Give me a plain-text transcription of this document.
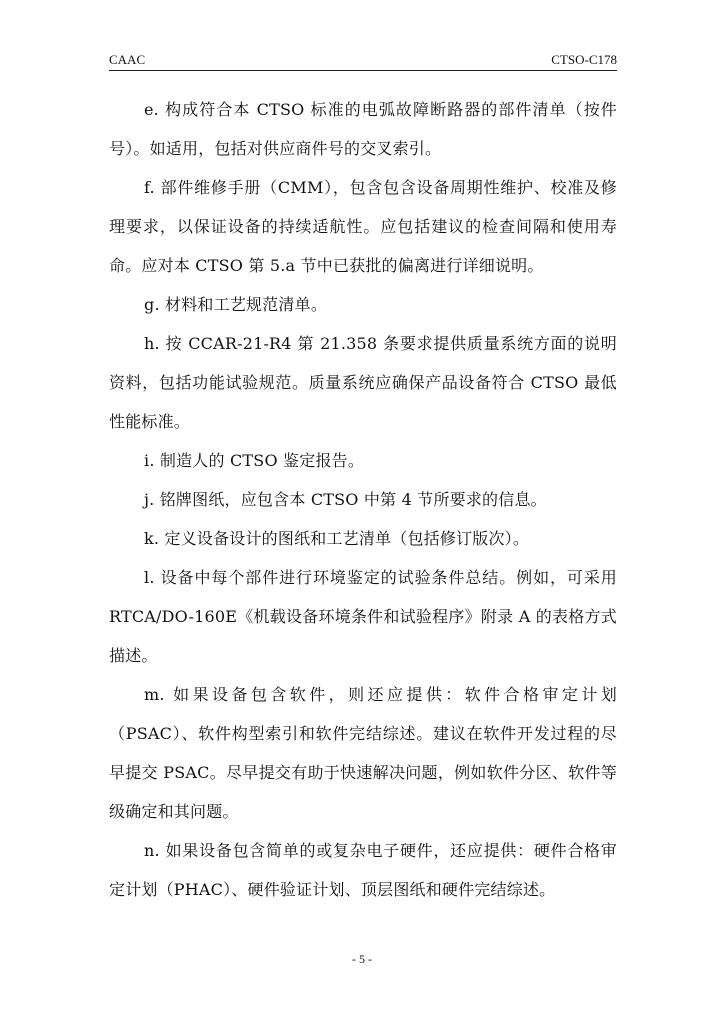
CAAC	CTSO-C178

e. 构成符合本 CTSO 标准的电弧故障断路器的部件清单（按件号）。如适用，包括对供应商件号的交叉索引。

f. 部件维修手册（CMM），包含包含设备周期性维护、校准及修理要求，以保证设备的持续适航性。应包括建议的检查间隔和使用寿命。应对本 CTSO 第 5.a 节中已获批的偏离进行详细说明。

g. 材料和工艺规范清单。

h. 按 CCAR-21-R4 第 21.358 条要求提供质量系统方面的说明资料，包括功能试验规范。质量系统应确保产品设备符合 CTSO 最低性能标准。

i. 制造人的 CTSO 鉴定报告。

j. 铭牌图纸，应包含本 CTSO 中第 4 节所要求的信息。

k. 定义设备设计的图纸和工艺清单（包括修订版次）。

l. 设备中每个部件进行环境鉴定的试验条件总结。例如，可采用 RTCA/DO-160E《机载设备环境条件和试验程序》附录 A 的表格方式描述。

m. 如果设备包含软件，则还应提供：软件合格审定计划（PSAC）、软件构型索引和软件完结综述。建议在软件开发过程的尽早提交 PSAC。尽早提交有助于快速解决问题，例如软件分区、软件等级确定和其问题。

n. 如果设备包含简单的或复杂电子硬件，还应提供：硬件合格审定计划（PHAC）、硬件验证计划、顶层图纸和硬件完结综述。

- 5 -
